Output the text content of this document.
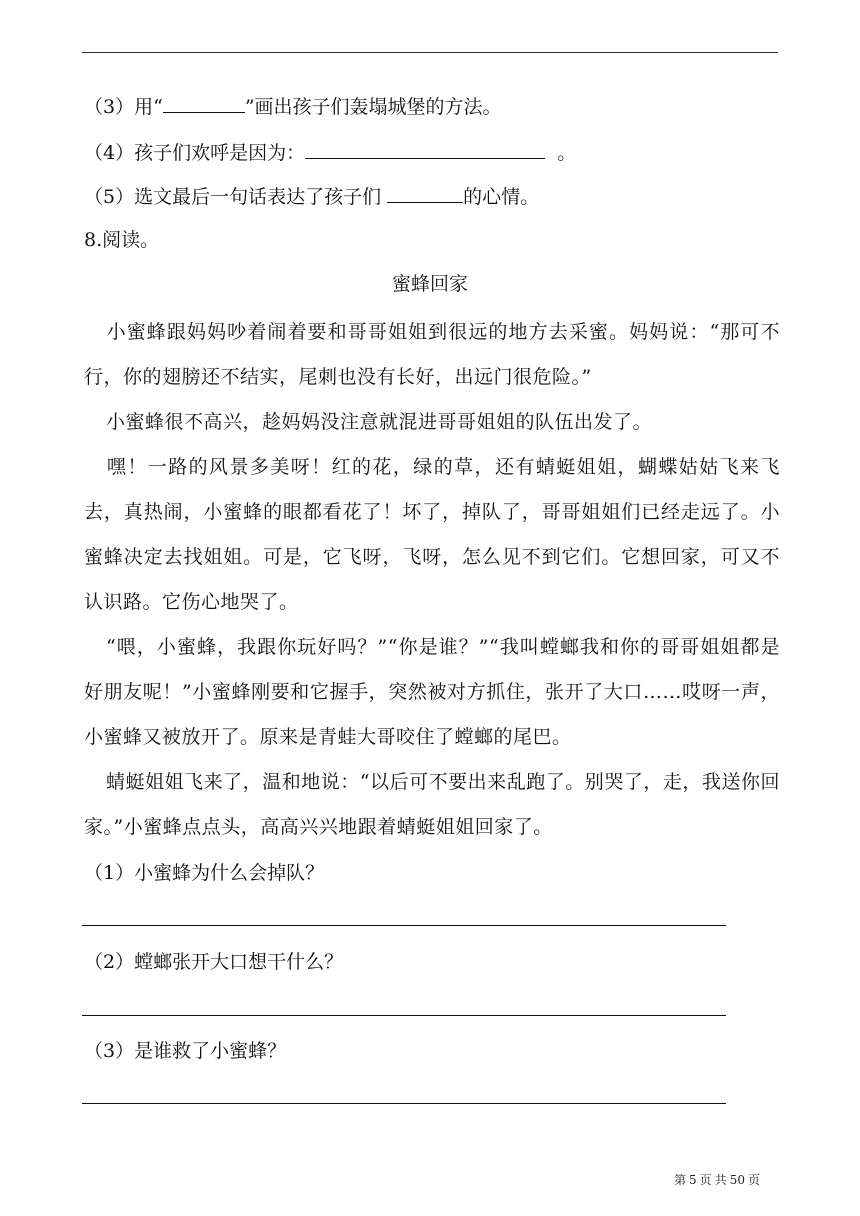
（3）用“	”画出孩子们轰塌城堡的方法。
（4）孩子们欢呼是因为：	。
（5）选文最后一句话表达了孩子们	的心情。
8.阅读。
蜜蜂回家
小蜜蜂跟妈妈吵着闹着要和哥哥姐姐到很远的地方去采蜜。妈妈说：“那可不行，你的翅膀还不结实，尾刺也没有长好，出远门很危险。”
小蜜蜂很不高兴，趁妈妈没注意就混进哥哥姐姐的队伍出发了。
嘿！一路的风景多美呀！红的花，绿的草，还有蜻蜓姐姐，蝴蝶姑姑飞来飞去，真热闹，小蜜蜂的眼都看花了！坏了，掉队了，哥哥姐姐们已经走远了。小蜜蜂决定去找姐姐。可是，它飞呀，飞呀，怎么见不到它们。它想回家，可又不认识路。它伤心地哭了。
“喂，小蜜蜂，我跟你玩好吗？”“你是谁？”“我叫螳螂我和你的哥哥姐姐都是好朋友呢！”小蜜蜂刚要和它握手，突然被对方抓住，张开了大口……哎呀一声，小蜜蜂又被放开了。原来是青蛙大哥咬住了螳螂的尾巴。
蜻蜓姐姐飞来了，温和地说：“以后可不要出来乱跑了。别哭了，走，我送你回家。”小蜜蜂点点头，高高兴兴地跟着蜻蜓姐姐回家了。
（1）小蜜蜂为什么会掉队？
（2）螳螂张开大口想干什么？
（3）是谁救了小蜜蜂？
第 5 页 共 50 页
